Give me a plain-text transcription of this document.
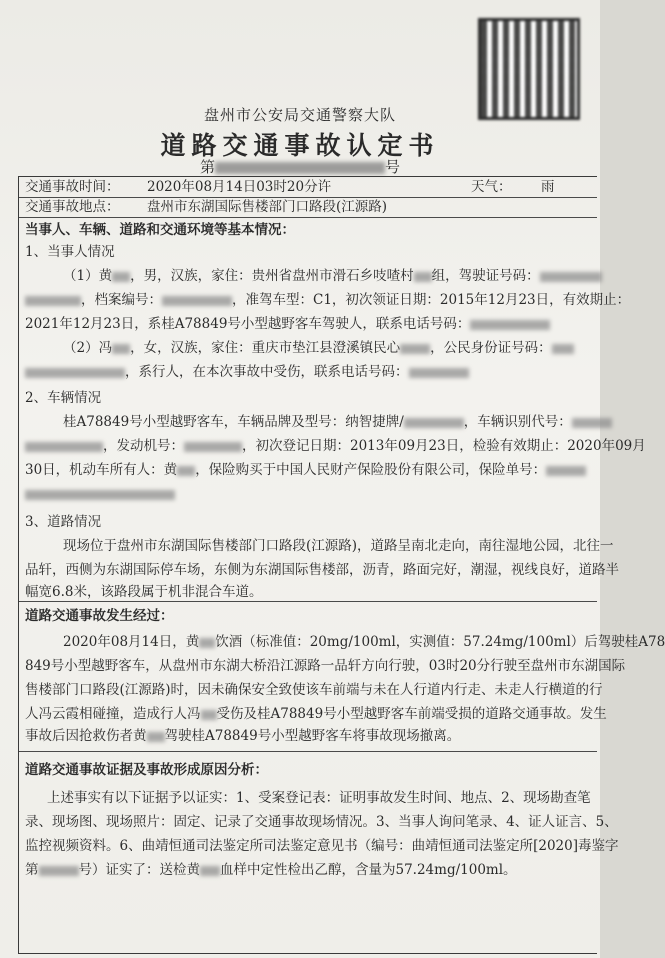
盘州市公安局交通警察大队
道路交通事故认定书
第	号
交通事故时间： 2020年08月14日03时20分许	天气： 雨
交通事故地点： 盘州市东湖国际售楼部门口路段(江源路)
当事人、车辆、道路和交通环境等基本情况：
1、当事人情况
（1）黄 ，男，汉族，家住：贵州省盘州市滑石乡吱喳村 组，驾驶证号码：
，档案编号：	，准驾车型：C1，初次领证日期：2015年12月23日，有效期止：
2021年12月23日，系桂A78849号小型越野客车驾驶人，联系电话号码：
（2）冯 ，女，汉族，家住：重庆市垫江县澄溪镇民心 ，公民身份证号码：
，系行人，在本次事故中受伤，联系电话号码：
2、车辆情况
桂A78849号小型越野客车，车辆品牌及型号：纳智捷牌/	，车辆识别代号：
，发动机号：	，初次登记日期：2013年09月23日，检验有效期止：2020年09月
30日，机动车所有人：黄 ，保险购买于中国人民财产保险股份有限公司，保险单号：
3、道路情况
现场位于盘州市东湖国际售楼部门口路段(江源路)，道路呈南北走向，南往湿地公园，北往一
品轩，西侧为东湖国际停车场，东侧为东湖国际售楼部，沥青，路面完好，潮湿，视线良好，道路半
幅宽6.8米，该路段属于机非混合车道。
道路交通事故发生经过：
2020年08月14日，黄 饮酒（标准值：20mg/100ml，实测值：57.24mg/100ml）后驾驶桂A78
849号小型越野客车，从盘州市东湖大桥沿江源路一品轩方向行驶，03时20分行驶至盘州市东湖国际
售楼部门口路段(江源路)时，因未确保安全致使该车前端与未在人行道内行走、未走人行横道的行
人冯云霞相碰撞，造成行人冯 受伤及桂A78849号小型越野客车前端受损的道路交通事故。发生
事故后因抢救伤者黄 驾驶桂A78849号小型越野客车将事故现场撤离。
道路交通事故证据及事故形成原因分析：
上述事实有以下证据予以证实：1、受案登记表：证明事故发生时间、地点、2、现场勘查笔
录、现场图、现场照片：固定、记录了交通事故现场情况。3、当事人询问笔录、4、证人证言、5、
监控视频资料。6、曲靖恒通司法鉴定所司法鉴定意见书（编号：曲靖恒通司法鉴定所[2020]毒鉴字
第	号）证实了：送检黄 血样中定性检出乙醇，含量为57.24mg/100ml。
